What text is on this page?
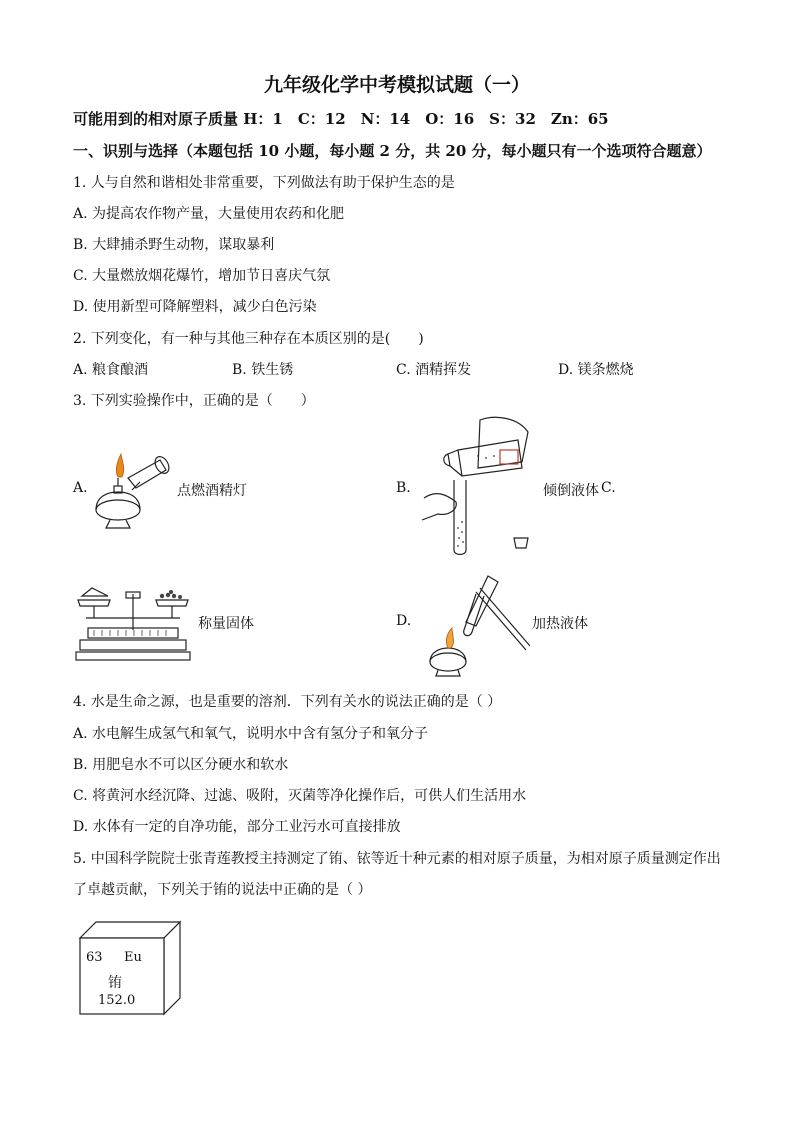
九年级化学中考模拟试题（一）
可能用到的相对原子质量 H：1　C：12　N：14　O：16　S：32　Zn：65
一、识别与选择（本题包括 10 小题，每小题 2 分，共 20 分，每小题只有一个选项符合题意）
1. 人与自然和谐相处非常重要，下列做法有助于保护生态的是
A. 为提高农作物产量，大量使用农药和化肥
B. 大肆捕杀野生动物，谋取暴利
C. 大量燃放烟花爆竹，增加节日喜庆气氛
D. 使用新型可降解塑料，减少白色污染
2. 下列变化，有一种与其他三种存在本质区别的是(　　)
A. 粮食酿酒	B. 铁生锈	C. 酒精挥发	D. 镁条燃烧
3. 下列实验操作中，正确的是（　　）
A.	点燃酒精灯	B.	倾倒液体 C.
称量固体	D.	加热液体
4. 水是生命之源，也是重要的溶剂．下列有关水的说法正确的是（ ）
A. 水电解生成氢气和氧气，说明水中含有氢分子和氧分子
B. 用肥皂水不可以区分硬水和软水
C. 将黄河水经沉降、过滤、吸附，灭菌等净化操作后，可供人们生活用水
D. 水体有一定的自净功能，部分工业污水可直接排放
5. 中国科学院院士张青莲教授主持测定了铕、铱等近十种元素的相对原子质量，为相对原子质量测定作出
了卓越贡献，下列关于铕的说法中正确的是（ ）
63 Eu
铕
152.0
